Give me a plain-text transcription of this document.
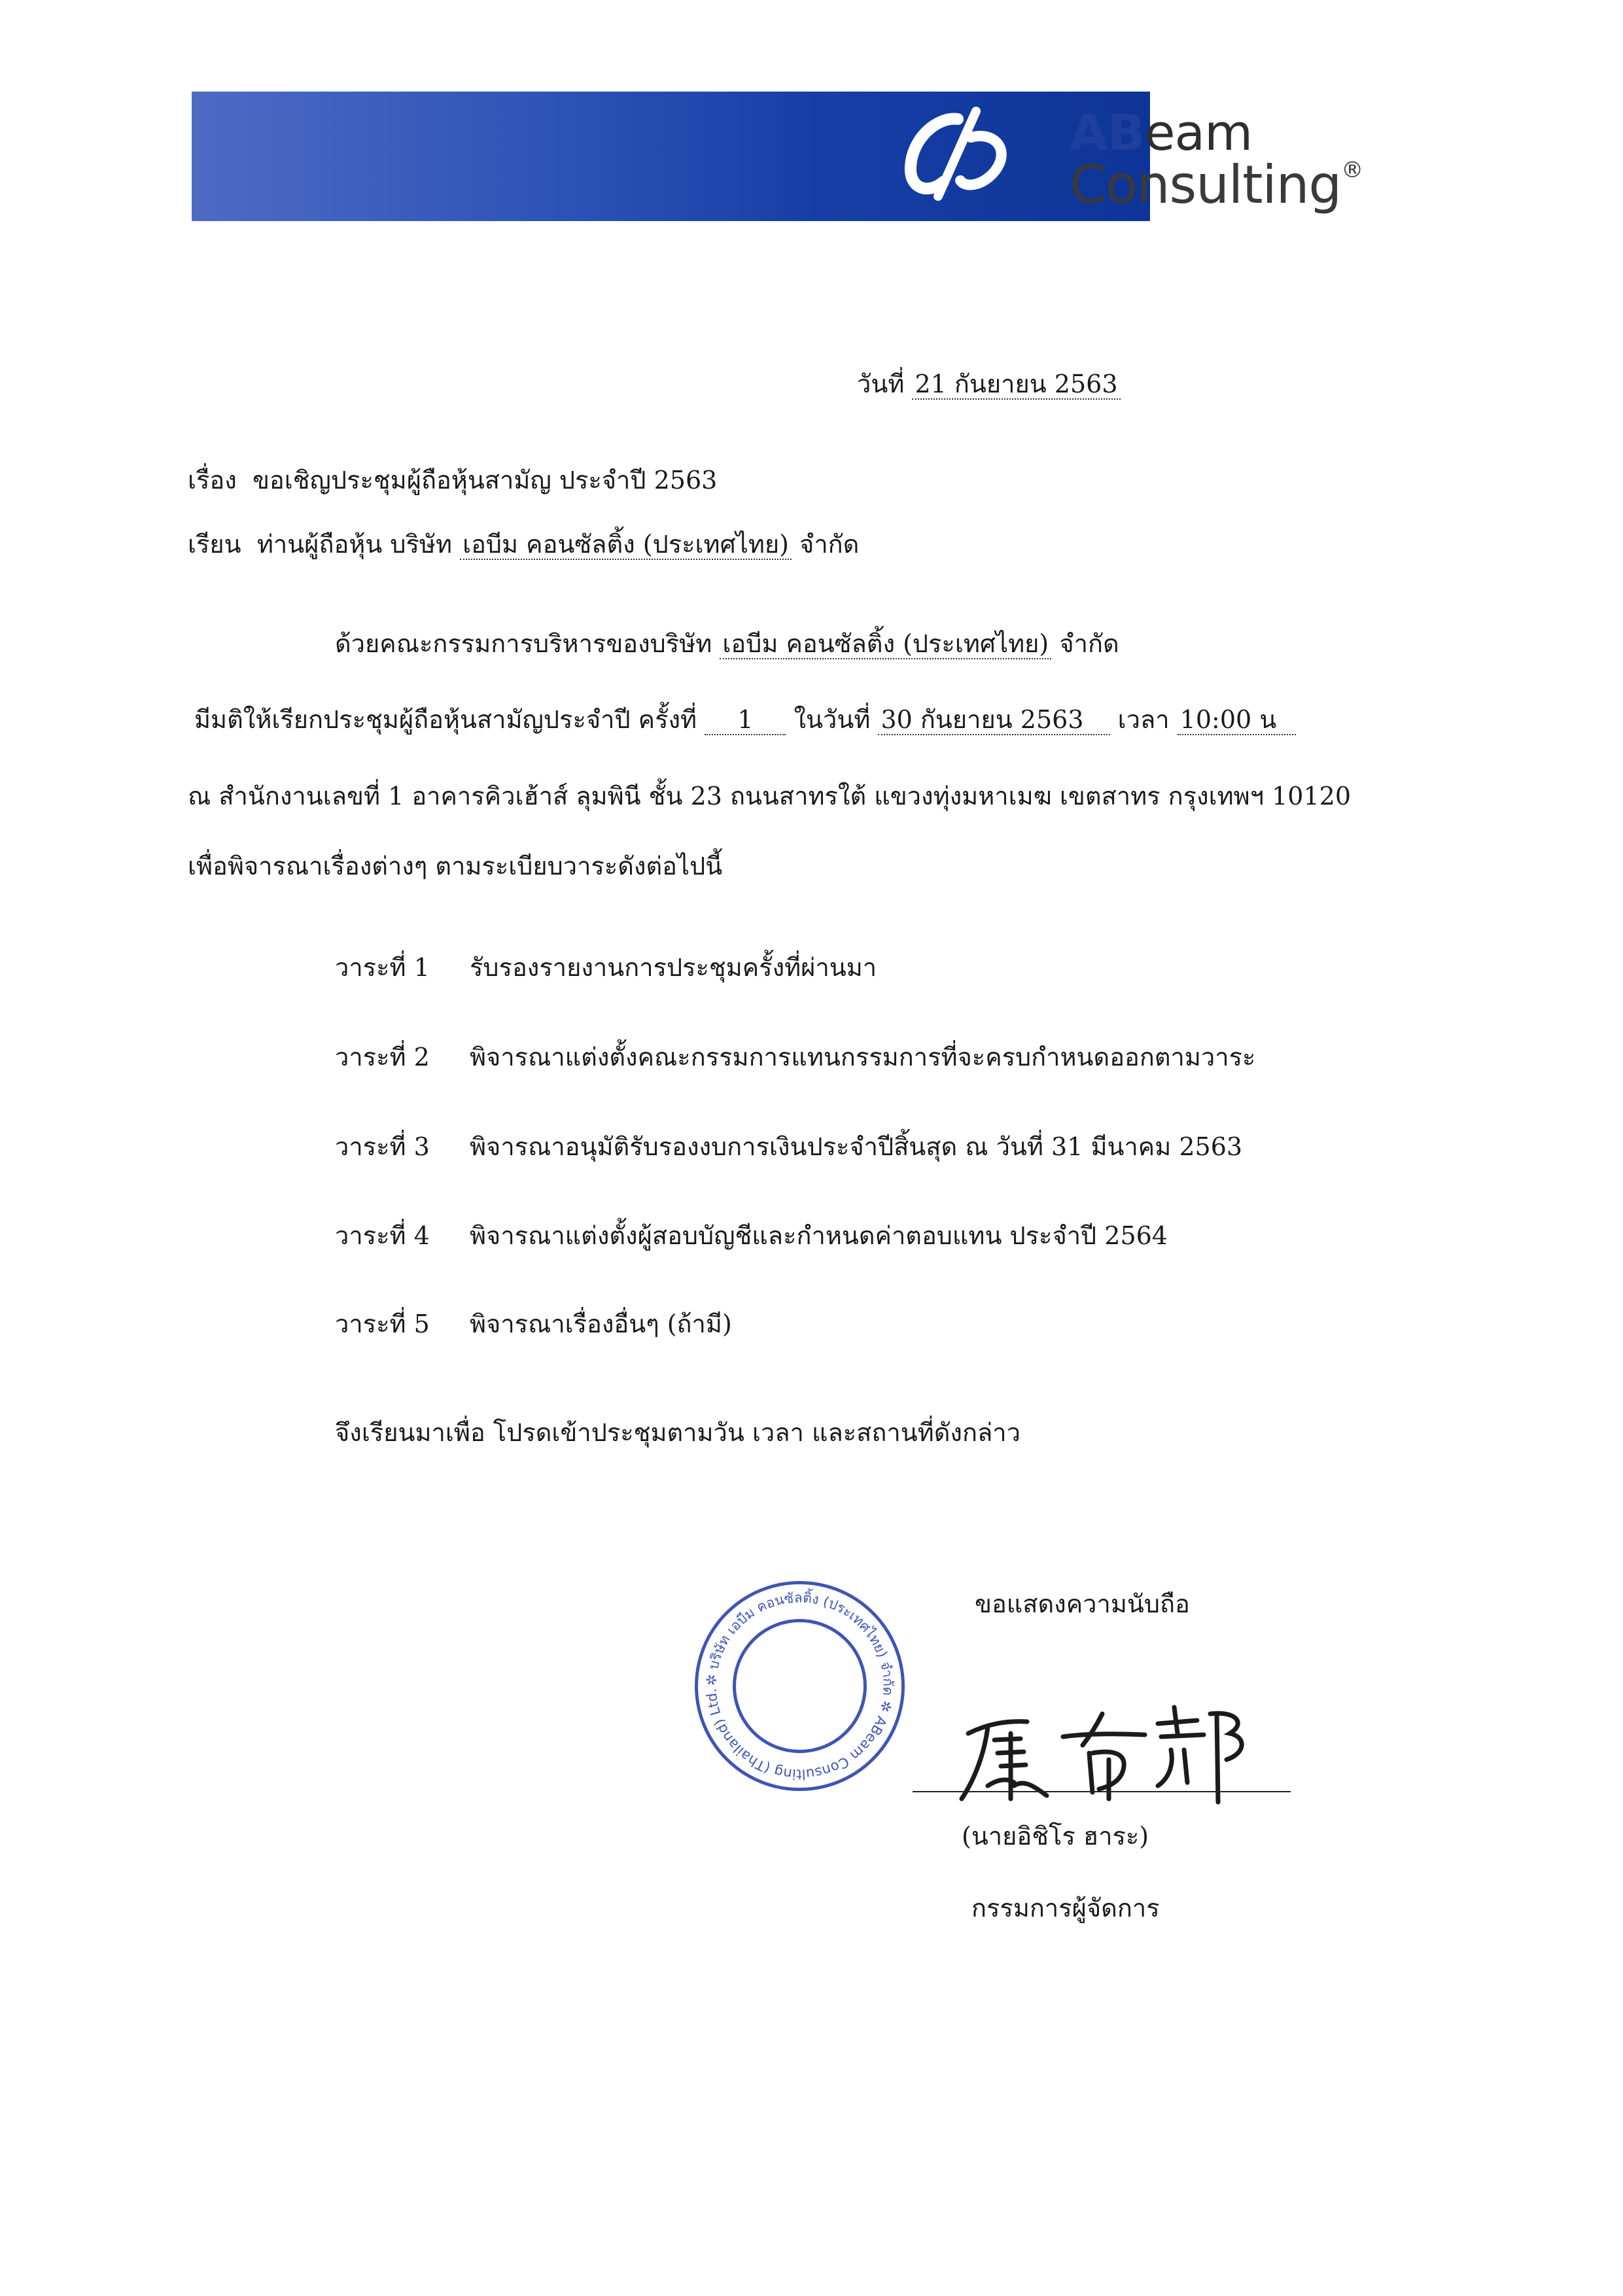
ABeam
Consulting®
วันที่ 21 กันยายน 2563
เรื่อง ขอเชิญประชุมผู้ถือหุ้นสามัญ ประจำปี 2563
เรียน ท่านผู้ถือหุ้น บริษัท เอบีม คอนซัลติ้ง (ประเทศไทย) จำกัด
ด้วยคณะกรรมการบริหารของบริษัท เอบีม คอนซัลติ้ง (ประเทศไทย) จำกัด
มีมติให้เรียกประชุมผู้ถือหุ้นสามัญประจำปี ครั้งที่ 1 ในวันที่ 30 กันยายน 2563 เวลา 10:00 น
ณ สำนักงานเลขที่ 1 อาคารคิวเฮ้าส์ ลุมพินี ชั้น 23 ถนนสาทรใต้ แขวงทุ่งมหาเมฆ เขตสาทร กรุงเทพฯ 10120
เพื่อพิจารณาเรื่องต่างๆ ตามระเบียบวาระดังต่อไปนี้
วาระที่ 1 รับรองรายงานการประชุมครั้งที่ผ่านมา
วาระที่ 2 พิจารณาแต่งตั้งคณะกรรมการแทนกรรมการที่จะครบกำหนดออกตามวาระ
วาระที่ 3 พิจารณาอนุมัติรับรองงบการเงินประจำปีสิ้นสุด ณ วันที่ 31 มีนาคม 2563
วาระที่ 4 พิจารณาแต่งตั้งผู้สอบบัญชีและกำหนดค่าตอบแทน ประจำปี 2564
วาระที่ 5 พิจารณาเรื่องอื่นๆ (ถ้ามี)
จึงเรียนมาเพื่อ โปรดเข้าประชุมตามวัน เวลา และสถานที่ดังกล่าว
ขอแสดงความนับถือ
✲ บริษัท เอบีม คอนซัลติ้ง (ประเทศไทย) จำกัด ✲ ABeam Consulting (Thailand) Ltd.
(นายอิชิโร ฮาระ)
กรรมการผู้จัดการ
